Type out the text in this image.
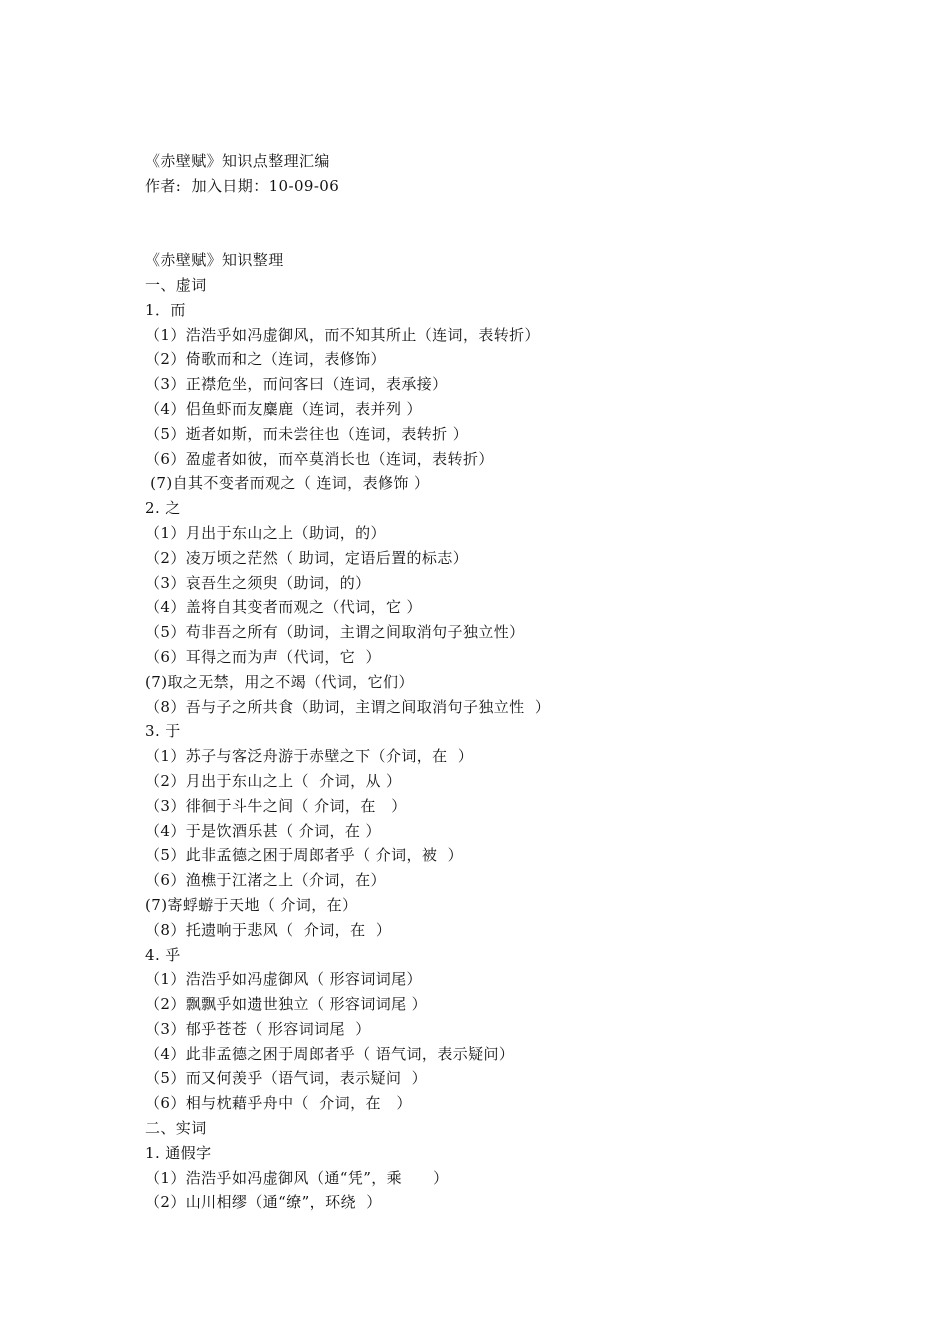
《赤壁赋》知识点整理汇编
作者:  加入日期：10-09-06
《赤壁赋》知识整理
一、虚词
1．而
（1）浩浩乎如冯虚御风，而不知其所止（连词，表转折）
（2）倚歌而和之（连词，表修饰）
（3）正襟危坐，而问客曰（连词，表承接）
（4）侣鱼虾而友麋鹿（连词，表并列 ）
（5）逝者如斯，而未尝往也（连词，表转折 ）
（6）盈虚者如彼，而卒莫消长也（连词，表转折）
(7)自其不变者而观之（ 连词，表修饰 ）
2. 之
（1）月出于东山之上（助词，的）
（2）凌万顷之茫然（ 助词，定语后置的标志）
（3）哀吾生之须臾（助词，的）
（4）盖将自其变者而观之（代词，它 ）
（5）苟非吾之所有（助词，主谓之间取消句子独立性）
（6）耳得之而为声（代词，它  ）
(7)取之无禁，用之不竭（代词，它们）
（8）吾与子之所共食（助词，主谓之间取消句子独立性  ）
3. 于
（1）苏子与客泛舟游于赤壁之下（介词，在  ）
（2）月出于东山之上（  介词，从 ）
（3）徘徊于斗牛之间（ 介词，在   ）
（4）于是饮酒乐甚（ 介词，在 ）
（5）此非孟德之困于周郎者乎（ 介词，被  ）
（6）渔樵于江渚之上（介词，在）
(7)寄蜉蝣于天地（ 介词，在）
（8）托遗响于悲风（  介词，在  ）
4. 乎
（1）浩浩乎如冯虚御风（ 形容词词尾）
（2）飘飘乎如遗世独立（ 形容词词尾 ）
（3）郁乎苍苍（ 形容词词尾  ）
（4）此非孟德之困于周郎者乎（ 语气词，表示疑问）
（5）而又何羡乎（语气词，表示疑问  ）
（6）相与枕藉乎舟中（  介词，在   ）
二、实词
1. 通假字
（1）浩浩乎如冯虚御风（通“凭”，乘      ）
（2）山川相缪（通“缭”，环绕  ）
